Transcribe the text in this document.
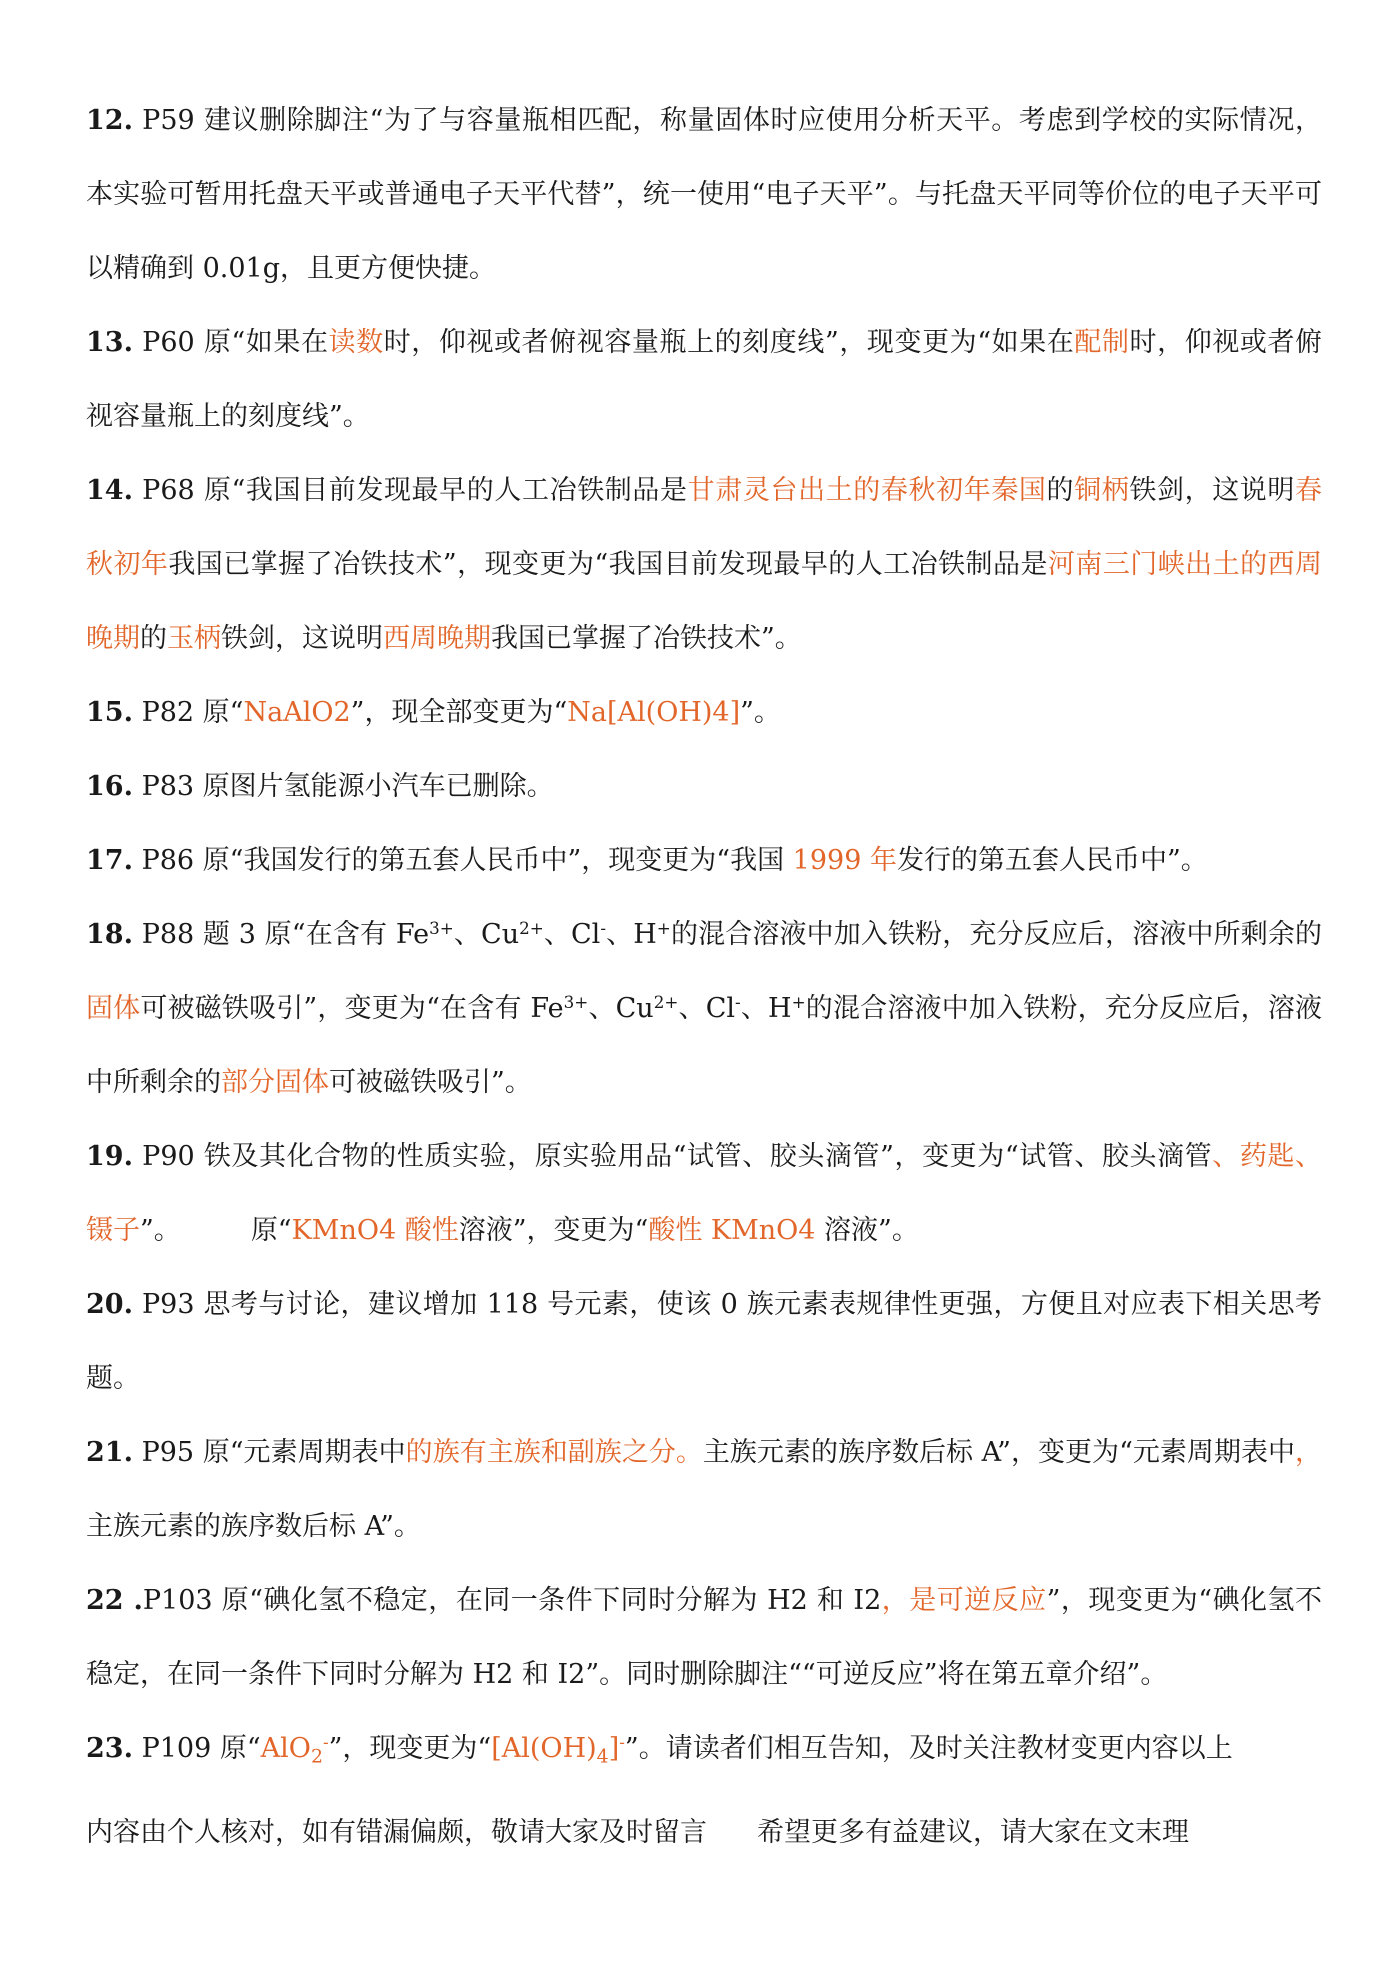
12. P59 建议删除脚注“为了与容量瓶相匹配，称量固体时应使用分析天平。考虑到学校的实际情况，本实验可暂用托盘天平或普通电子天平代替”，统一使用“电子天平”。与托盘天平同等价位的电子天平可以精确到 0.01g，且更方便快捷。

13. P60 原“如果在读数时，仰视或者俯视容量瓶上的刻度线”，现变更为“如果在配制时，仰视或者俯视容量瓶上的刻度线”。

14. P68 原“我国目前发现最早的人工冶铁制品是甘肃灵台出土的春秋初年秦国的铜柄铁剑，这说明春秋初年我国已掌握了冶铁技术”，现变更为“我国目前发现最早的人工冶铁制品是河南三门峡出土的西周晚期的玉柄铁剑，这说明西周晚期我国已掌握了冶铁技术”。

15. P82 原“NaAlO2”，现全部变更为“Na[Al(OH)4]”。

16. P83 原图片氢能源小汽车已删除。

17. P86 原“我国发行的第五套人民币中”，现变更为“我国 1999 年发行的第五套人民币中”。

18. P88 题 3 原“在含有 $Fe^{3+}$、$Cu^{2+}$、Cl-、H+的混合溶液中加入铁粉，充分反应后，溶液中所剩余的固体可被磁铁吸引”，变更为“在含有 $Fe^{3+}$、$Cu^{2+}$、Cl-、H+的混合溶液中加入铁粉，充分反应后，溶液中所剩余的部分固体可被磁铁吸引”。

19. P90 铁及其化合物的性质实验，原实验用品“试管、胶头滴管”，变更为“试管、胶头滴管、药匙、镊子”。	原“KMnO4 酸性溶液”，变更为“酸性 KMnO4 溶液”。

20. P93 思考与讨论，建议增加 118 号元素，使该 0 族元素表规律性更强，方便且对应表下相关思考题。

21. P95 原“元素周期表中的族有主族和副族之分。主族元素的族序数后标 A”，变更为“元素周期表中，主族元素的族序数后标 A”。

22 .P103 原“碘化氢不稳定，在同一条件下同时分解为 H2 和 I2，是可逆反应”，现变更为“碘化氢不稳定，在同一条件下同时分解为 H2 和 I2”。同时删除脚注““可逆反应”将在第五章介绍”。

23. P109 原“AlO$_2$-”，现变更为“$[Al(OH)_4]^-$”。请读者们相互告知，及时关注教材变更内容以上

内容由个人核对，如有错漏偏颇，敬请大家及时留言 希望更多有益建议，请大家在文末理
